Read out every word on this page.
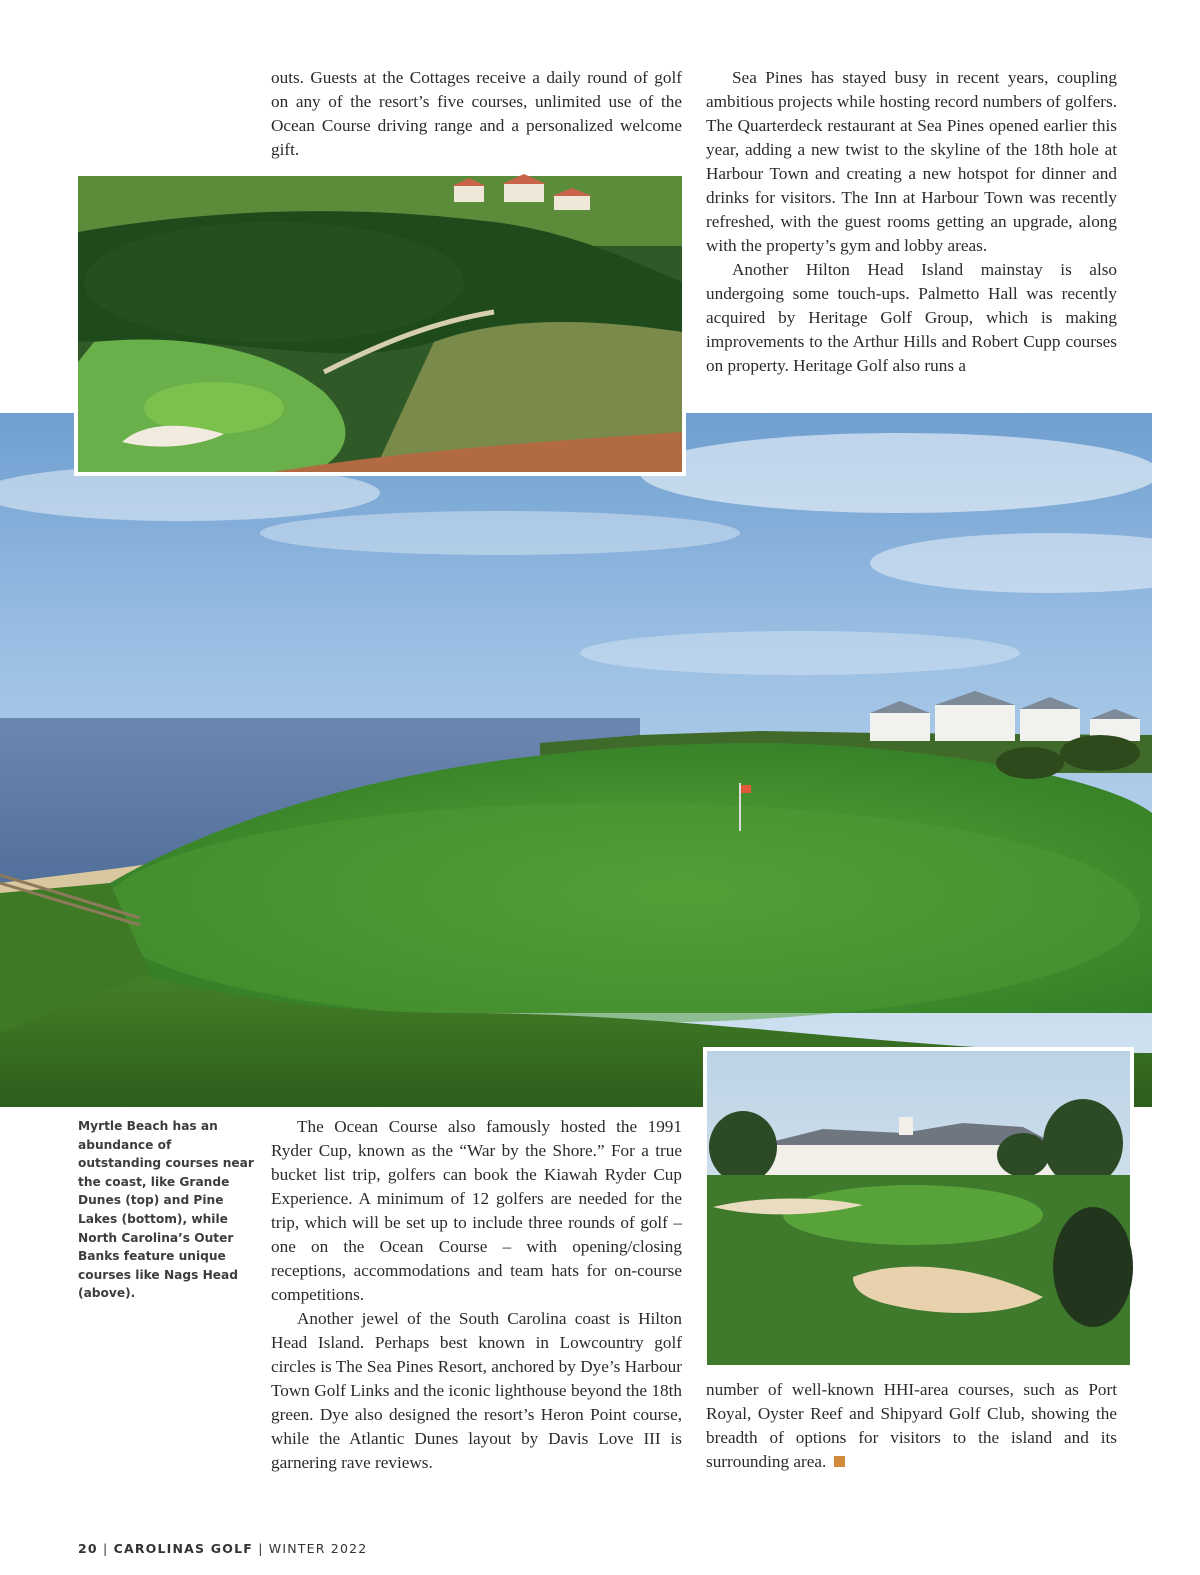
outs. Guests at the Cottages receive a daily round of golf on any of the resort’s five courses, unlimited use of the Ocean Course driving range and a personalized welcome gift.

Sea Pines has stayed busy in recent years, coupling ambitious projects while hosting record numbers of golfers. The Quarterdeck restaurant at Sea Pines opened earlier this year, adding a new twist to the skyline of the 18th hole at Harbour Town and creating a new hotspot for dinner and drinks for visitors. The Inn at Harbour Town was recently refreshed, with the guest rooms getting an upgrade, along with the property’s gym and lobby areas.

Another Hilton Head Island mainstay is also undergoing some touch-ups. Palmetto Hall was recently acquired by Heritage Golf Group, which is making improvements to the Arthur Hills and Robert Cupp courses on property. Heritage Golf also runs a

Myrtle Beach has an abundance of outstanding courses near the coast, like Grande Dunes (top) and Pine Lakes (bottom), while North Carolina’s Outer Banks feature unique courses like Nags Head (above).

The Ocean Course also famously hosted the 1991 Ryder Cup, known as the “War by the Shore.” For a true bucket list trip, golfers can book the Kiawah Ryder Cup Experience. A minimum of 12 golfers are needed for the trip, which will be set up to include three rounds of golf – one on the Ocean Course – with opening/closing receptions, accommodations and team hats for on-course competitions.

Another jewel of the South Carolina coast is Hilton Head Island. Perhaps best known in Lowcountry golf circles is The Sea Pines Resort, anchored by Dye’s Harbour Town Golf Links and the iconic lighthouse beyond the 18th green. Dye also designed the resort’s Heron Point course, while the Atlantic Dunes layout by Davis Love III is garnering rave reviews.

number of well-known HHI-area courses, such as Port Royal, Oyster Reef and Shipyard Golf Club, showing the breadth of options for visitors to the island and its surrounding area.

20 | CAROLINAS GOLF | WINTER 2022
